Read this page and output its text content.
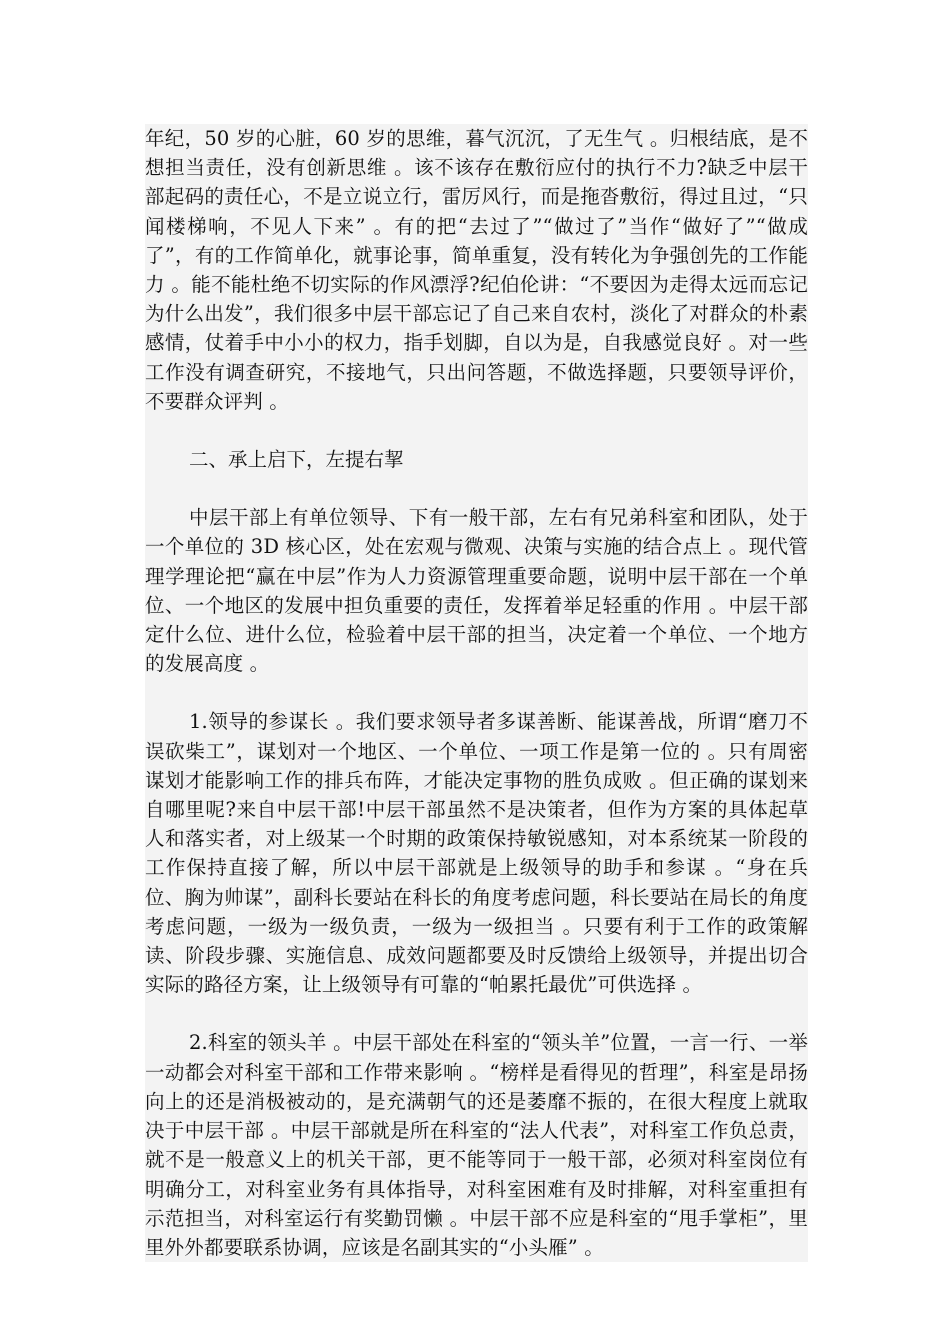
年纪，50 岁的心脏，60 岁的思维，暮气沉沉，了无生气 。归根结底，是不想担当责任，没有创新思维 。该不该存在敷衍应付的执行不力?缺乏中层干部起码的责任心，不是立说立行，雷厉风行，而是拖沓敷衍，得过且过，“只闻楼梯响，不见人下来” 。有的把“去过了”“做过了”当作“做好了”“做成了”，有的工作简单化，就事论事，简单重复，没有转化为争强创先的工作能力 。能不能杜绝不切实际的作风漂浮?纪伯伦讲：“不要因为走得太远而忘记为什么出发”，我们很多中层干部忘记了自己来自农村，淡化了对群众的朴素感情，仗着手中小小的权力，指手划脚，自以为是，自我感觉良好 。对一些工作没有调查研究，不接地气，只出问答题，不做选择题，只要领导评价，不要群众评判 。

二、承上启下，左提右挈

中层干部上有单位领导、下有一般干部，左右有兄弟科室和团队，处于一个单位的 3D 核心区，处在宏观与微观、决策与实施的结合点上 。现代管理学理论把“赢在中层”作为人力资源管理重要命题，说明中层干部在一个单位、一个地区的发展中担负重要的责任，发挥着举足轻重的作用 。中层干部定什么位、进什么位，检验着中层干部的担当，决定着一个单位、一个地方的发展高度 。

1.领导的参谋长 。我们要求领导者多谋善断、能谋善战，所谓“磨刀不误砍柴工”，谋划对一个地区、一个单位、一项工作是第一位的 。只有周密谋划才能影响工作的排兵布阵，才能决定事物的胜负成败 。但正确的谋划来自哪里呢?来自中层干部!中层干部虽然不是决策者，但作为方案的具体起草人和落实者，对上级某一个时期的政策保持敏锐感知，对本系统某一阶段的工作保持直接了解，所以中层干部就是上级领导的助手和参谋 。“身在兵位、胸为帅谋”，副科长要站在科长的角度考虑问题，科长要站在局长的角度考虑问题，一级为一级负责，一级为一级担当 。只要有利于工作的政策解读、阶段步骤、实施信息、成效问题都要及时反馈给上级领导，并提出切合实际的路径方案，让上级领导有可靠的“帕累托最优”可供选择 。

2.科室的领头羊 。中层干部处在科室的“领头羊”位置，一言一行、一举一动都会对科室干部和工作带来影响 。“榜样是看得见的哲理”，科室是昂扬向上的还是消极被动的，是充满朝气的还是萎靡不振的，在很大程度上就取决于中层干部 。中层干部就是所在科室的“法人代表”，对科室工作负总责，就不是一般意义上的机关干部，更不能等同于一般干部，必须对科室岗位有明确分工，对科室业务有具体指导，对科室困难有及时排解，对科室重担有示范担当，对科室运行有奖勤罚懒 。中层干部不应是科室的“甩手掌柜”，里里外外都要联系协调，应该是名副其实的“小头雁” 。
